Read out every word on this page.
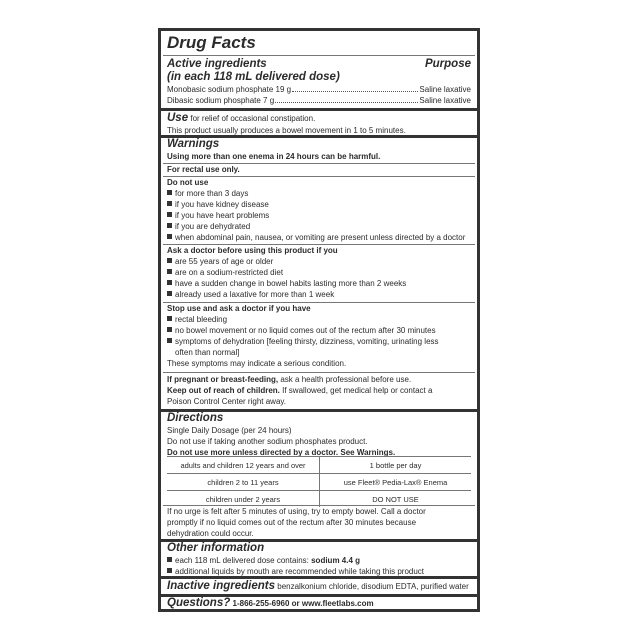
Drug Facts
Active ingredients	Purpose
(in each 118 mL delivered dose)
Monobasic sodium phosphate 19 g	Saline laxative
Dibasic sodium phosphate 7 g	Saline laxative
Use for relief of occasional constipation.
This product usually produces a bowel movement in 1 to 5 minutes.
Warnings
Using more than one enema in 24 hours can be harmful.
For rectal use only.
Do not use
for more than 3 days
if you have kidney disease
if you have heart problems
if you are dehydrated
when abdominal pain, nausea, or vomiting are present unless directed by a doctor
Ask a doctor before using this product if you
are 55 years of age or older
are on a sodium-restricted diet
have a sudden change in bowel habits lasting more than 2 weeks
already used a laxative for more than 1 week
Stop use and ask a doctor if you have
rectal bleeding
no bowel movement or no liquid comes out of the rectum after 30 minutes
symptoms of dehydration [feeling thirsty, dizziness, vomiting, urinating less
often than normal]
These symptoms may indicate a serious condition.
If pregnant or breast-feeding, ask a health professional before use.
Keep out of reach of children. If swallowed, get medical help or contact a
Poison Control Center right away.
Directions
Single Daily Dosage (per 24 hours)
Do not use if taking another sodium phosphates product.
Do not use more unless directed by a doctor. See Warnings.
adults and children 12 years and over	1 bottle per day
children 2 to 11 years	use Fleet® Pedia-Lax® Enema
children under 2 years	DO NOT USE
If no urge is felt after 5 minutes of using, try to empty bowel. Call a doctor
promptly if no liquid comes out of the rectum after 30 minutes because
dehydration could occur.
Other information
each 118 mL delivered dose contains:
sodium 4.4 g
additional liquids by mouth are recommended while taking this product
Inactive ingredients
benzalkonium chloride, disodium EDTA, purified water
Questions?
1-866-255-6960 or www.fleetlabs.com
